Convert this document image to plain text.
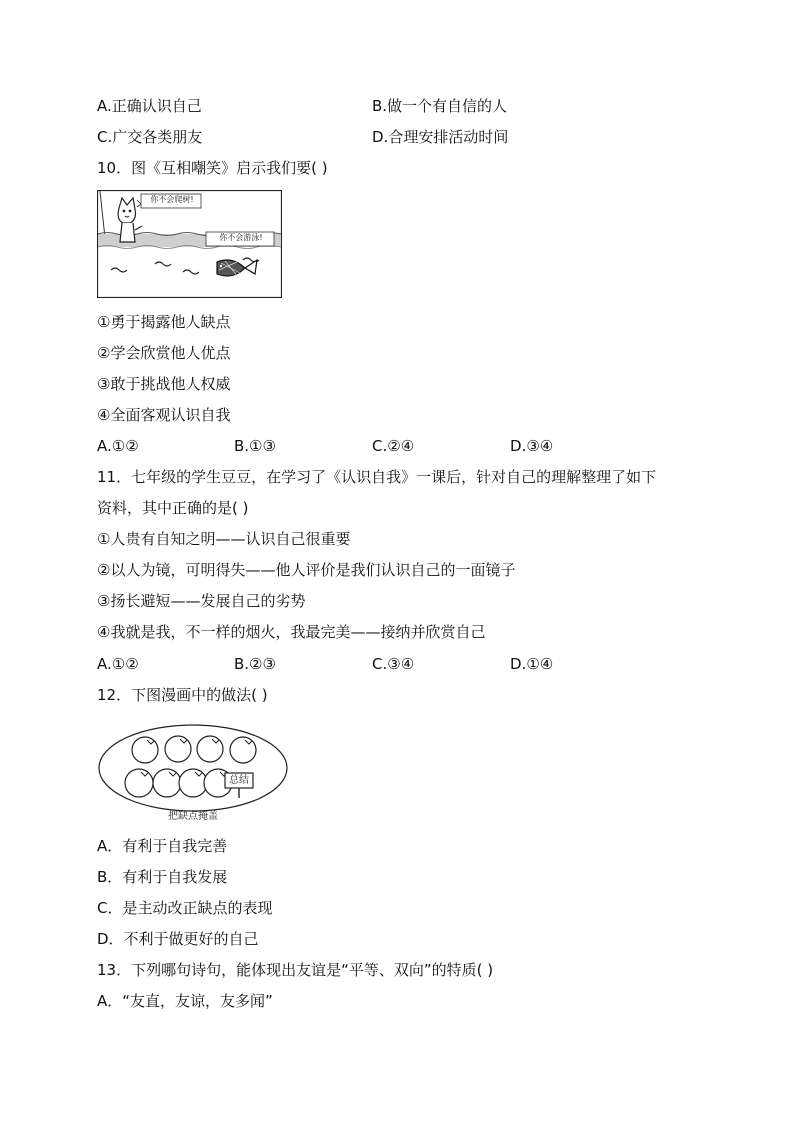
A.正确认识自己	B.做一个有自信的人
C.广交各类朋友	D.合理安排活动时间
10．图《互相嘲笑》启示我们要( )
你不会爬树!
你不会游泳!
①勇于揭露他人缺点
②学会欣赏他人优点
③敢于挑战他人权威
④全面客观认识自我
A.①②	B.①③	C.②④	D.③④
11．七年级的学生豆豆，在学习了《认识自我》一课后，针对自己的理解整理了如下
资料，其中正确的是( )
①人贵有自知之明——认识自己很重要
②以人为镜，可明得失——他人评价是我们认识自己的一面镜子
③扬长避短——发展自己的劣势
④我就是我，不一样的烟火，我最完美——接纳并欣赏自己
A.①②	B.②③	C.③④	D.①④
12．下图漫画中的做法( )
总结
把缺点掩盖
A．有利于自我完善
B．有利于自我发展
C．是主动改正缺点的表现
D．不利于做更好的自己
13．下列哪句诗句，能体现出友谊是“平等、双向”的特质( )
A．“友直，友谅，友多闻”
